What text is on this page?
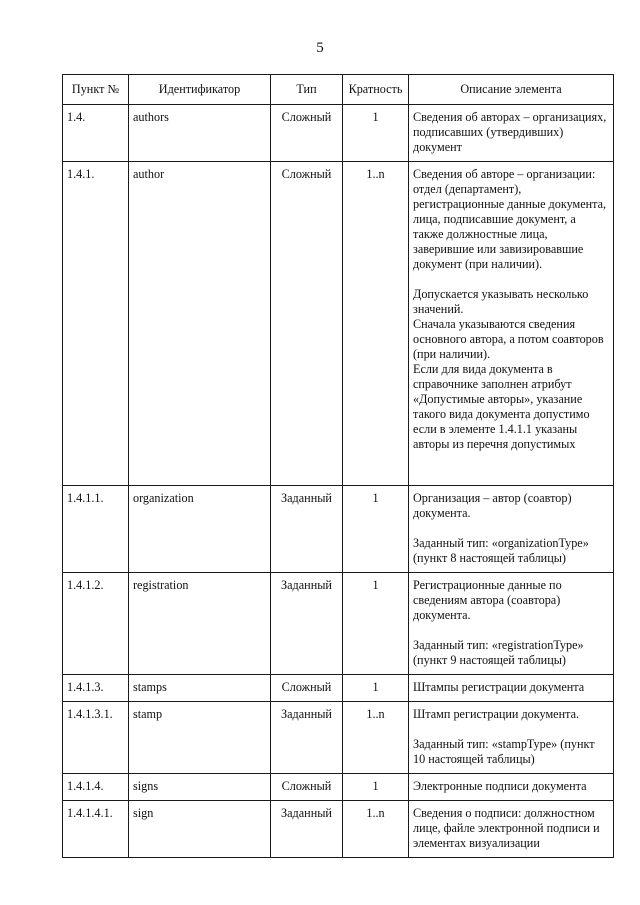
5
Пункт №	Идентификатор	Тип	Кратность	Описание элемента
1.4.	authors	Сложный	1	Сведения об авторах – организациях, подписавших (утвердивших) документ

1.4.1.	author	Сложный	1..n	Сведения об авторе – организации: отдел (департамент), регистрационные данные документа, лица, подписавшие документ, а также должностные лица, заверившие или завизировавшие документ (при наличии).
Допускается указывать несколько значений.
Сначала указываются сведения основного автора, а потом соавторов (при наличии).
Если для вида документа в справочнике заполнен атрибут «Допустимые авторы», указание такого вида документа допустимо если в элементе 1.4.1.1 указаны авторы из перечня допустимых

1.4.1.1.	organization	Заданный	1	Организация – автор (соавтор) документа.
Заданный тип: «organizationType» (пункт 8 настоящей таблицы)

1.4.1.2.	registration	Заданный	1	Регистрационные данные по сведениям автора (соавтора) документа.
Заданный тип: «registrationType» (пункт 9 настоящей таблицы)

1.4.1.3.	stamps	Сложный	1	Штампы регистрации документа

1.4.1.3.1.	stamp	Заданный	1..n	Штамп регистрации документа.
Заданный тип: «stampType» (пункт 10 настоящей таблицы)

1.4.1.4.	signs	Сложный	1	Электронные подписи документа

1.4.1.4.1.	sign	Заданный	1..n	Сведения о подписи: должностном лице, файле электронной подписи и элементах визуализации
